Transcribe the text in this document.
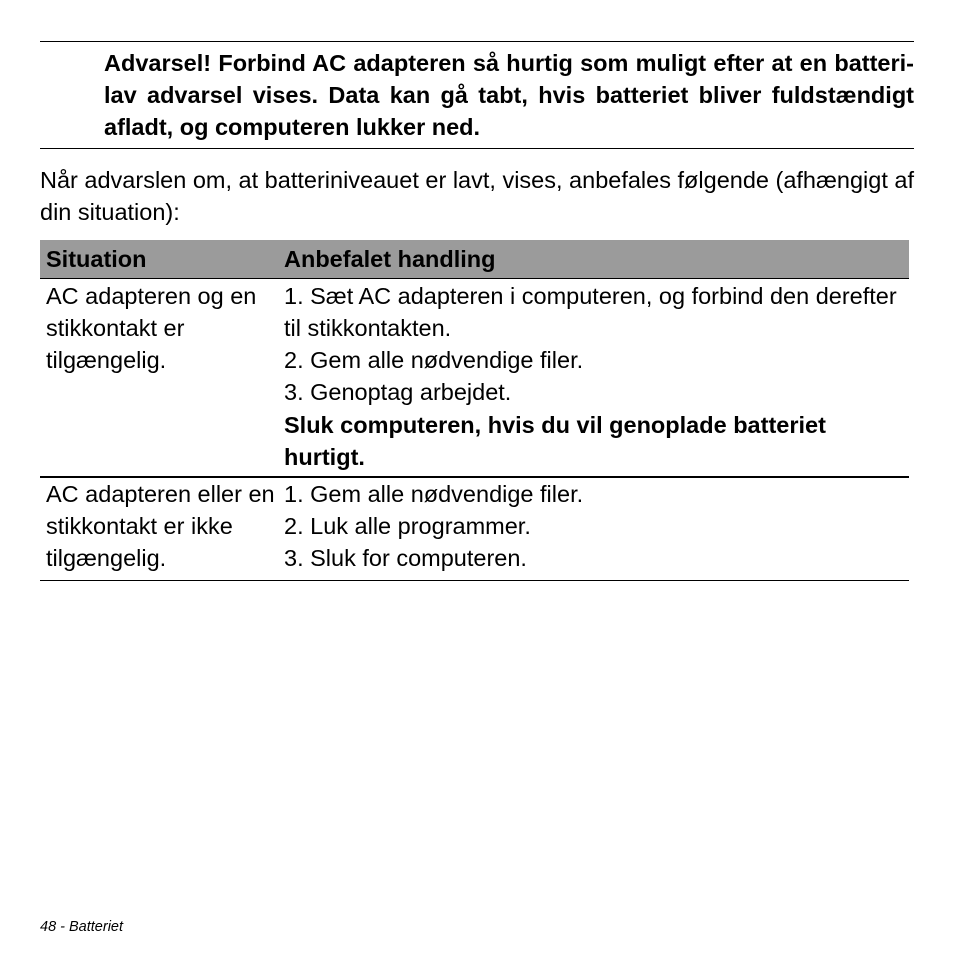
Advarsel! Forbind AC adapteren så hurtig som muligt efter at en batteri-lav advarsel vises. Data kan gå tabt, hvis batteriet bliver fuldstændigt afladt, og computeren lukker ned.

Når advarslen om, at batteriniveauet er lavt, vises, anbefales følgende (afhængigt af din situation):

Situation	Anbefalet handling
AC adapteren og en stikkontakt er tilgængelig.	1. Sæt AC adapteren i computeren, og forbind den derefter til stikkontakten.
2. Gem alle nødvendige filer.
3. Genoptag arbejdet.
Sluk computeren, hvis du vil genoplade batteriet hurtigt.

AC adapteren eller en stikkontakt er ikke tilgængelig.	1. Gem alle nødvendige filer.
2. Luk alle programmer.
3. Sluk for computeren.
48 - Batteriet
